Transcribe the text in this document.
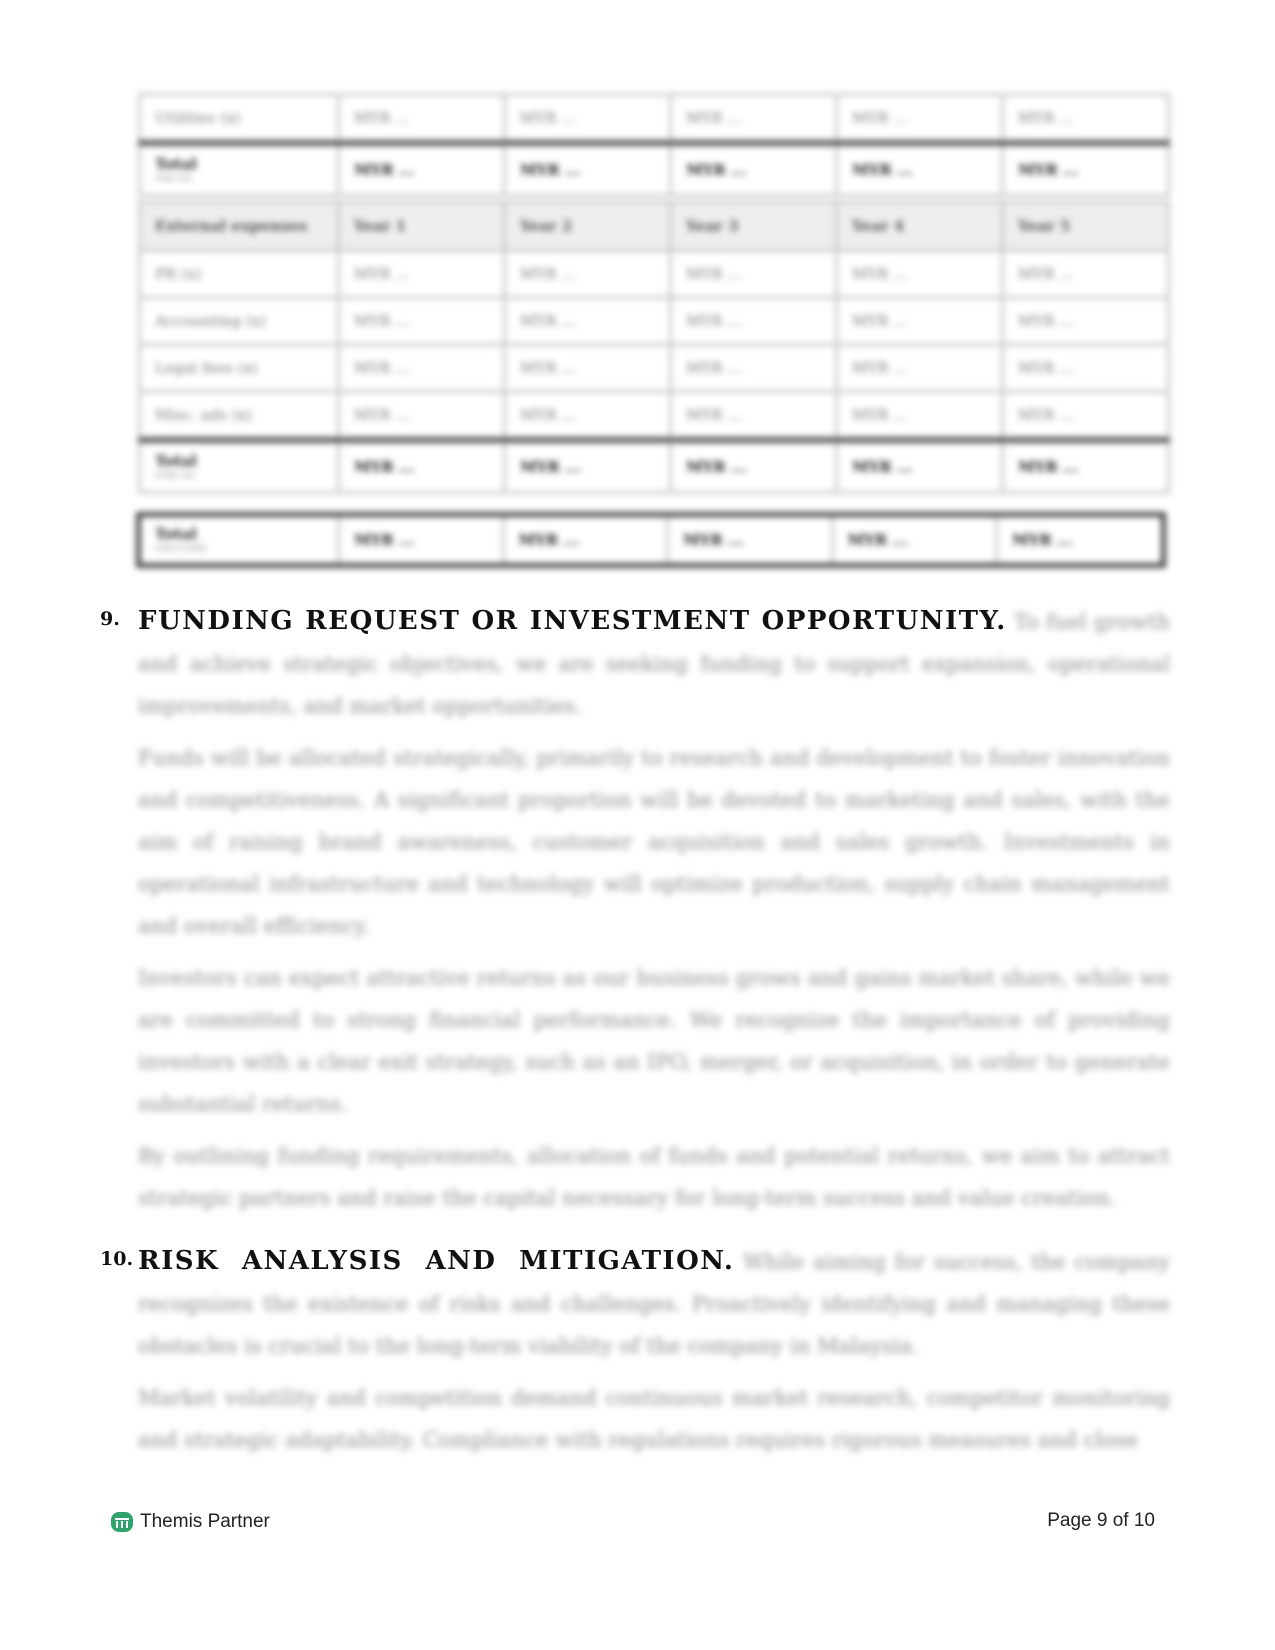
Utilities (x)	MYR ...	MYR ...	MYR ...	MYR ...	MYR ...

Total
(vii) (x)	MYR ...	MYR ...	MYR ...	MYR ...	MYR ...
External expenses	Year 1	Year 2	Year 3	Year 4	Year 5
PR (x)	MYR ...	MYR ...	MYR ...	MYR ...	MYR ...
Accounting (x)	MYR ...	MYR ...	MYR ...	MYR ...	MYR ...
Legal fees (x)	MYR ...	MYR ...	MYR ...	MYR ...	MYR ...
Misc. ads (x)	MYR ...	MYR ...	MYR ...	MYR ...	MYR ...

Total
(viii) (x)	MYR ...	MYR ...	MYR ...	MYR ...	MYR ...
Total
(vii)+(viii)	MYR ...	MYR ...	MYR ...	MYR ...	MYR ...
9. FUNDING REQUEST OR INVESTMENT OPPORTUNITY. To fuel growth and achieve strategic objectives, we are seeking funding to support expansion, operational improvements, and market opportunities.

Funds will be allocated strategically, primarily to research and development to foster innovation and competitiveness. A significant proportion will be devoted to marketing and sales, with the aim of raising brand awareness, customer acquisition and sales growth. Investments in operational infrastructure and technology will optimize production, supply chain management and overall efficiency.

Investors can expect attractive returns as our business grows and gains market share, while we are committed to strong financial performance. We recognize the importance of providing investors with a clear exit strategy, such as an IPO, merger, or acquisition, in order to generate substantial returns.

By outlining funding requirements, allocation of funds and potential returns, we aim to attract strategic partners and raise the capital necessary for long-term success and value creation.

10. RISK ANALYSIS AND MITIGATION. While aiming for success, the company recognizes the existence of risks and challenges. Proactively identifying and managing these obstacles is crucial to the long-term viability of the company in Malaysia.

Market volatility and competition demand continuous market research, competitor monitoring and strategic adaptability. Compliance with regulations requires rigorous measures and close

Themis Partner	Page 9 of 10
